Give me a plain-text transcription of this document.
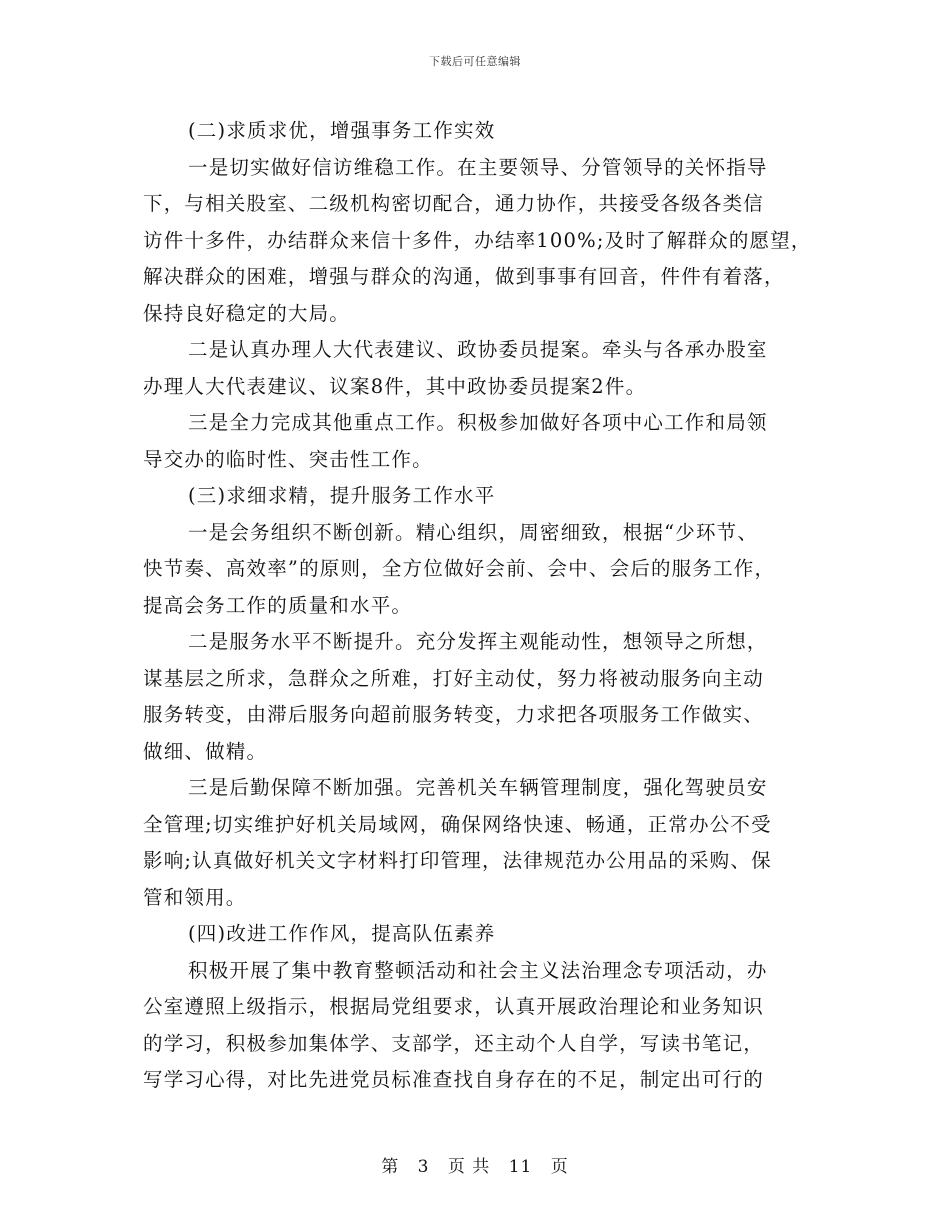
下载后可任意编辑
(二)求质求优，增强事务工作实效
一是切实做好信访维稳工作。在主要领导、分管领导的关怀指导
下，与相关股室、二级机构密切配合，通力协作，共接受各级各类信
访件十多件，办结群众来信十多件，办结率100%;及时了解群众的愿望，
解决群众的困难，增强与群众的沟通，做到事事有回音，件件有着落，
保持良好稳定的大局。
二是认真办理人大代表建议、政协委员提案。牵头与各承办股室
办理人大代表建议、议案8件，其中政协委员提案2件。
三是全力完成其他重点工作。积极参加做好各项中心工作和局领
导交办的临时性、突击性工作。
(三)求细求精，提升服务工作水平
一是会务组织不断创新。精心组织，周密细致，根据“少环节、
快节奏、高效率”的原则，全方位做好会前、会中、会后的服务工作，
提高会务工作的质量和水平。
二是服务水平不断提升。充分发挥主观能动性，想领导之所想，
谋基层之所求，急群众之所难，打好主动仗，努力将被动服务向主动
服务转变，由滞后服务向超前服务转变，力求把各项服务工作做实、
做细、做精。
三是后勤保障不断加强。完善机关车辆管理制度，强化驾驶员安
全管理;切实维护好机关局域网，确保网络快速、畅通，正常办公不受
影响;认真做好机关文字材料打印管理，法律规范办公用品的采购、保
管和领用。
(四)改进工作作风，提高队伍素养
积极开展了集中教育整顿活动和社会主义法治理念专项活动，办
公室遵照上级指示，根据局党组要求，认真开展政治理论和业务知识
的学习，积极参加集体学、支部学，还主动个人自学，写读书笔记，
写学习心得，对比先进党员标准查找自身存在的不足，制定出可行的
第 3 页 共 11 页
